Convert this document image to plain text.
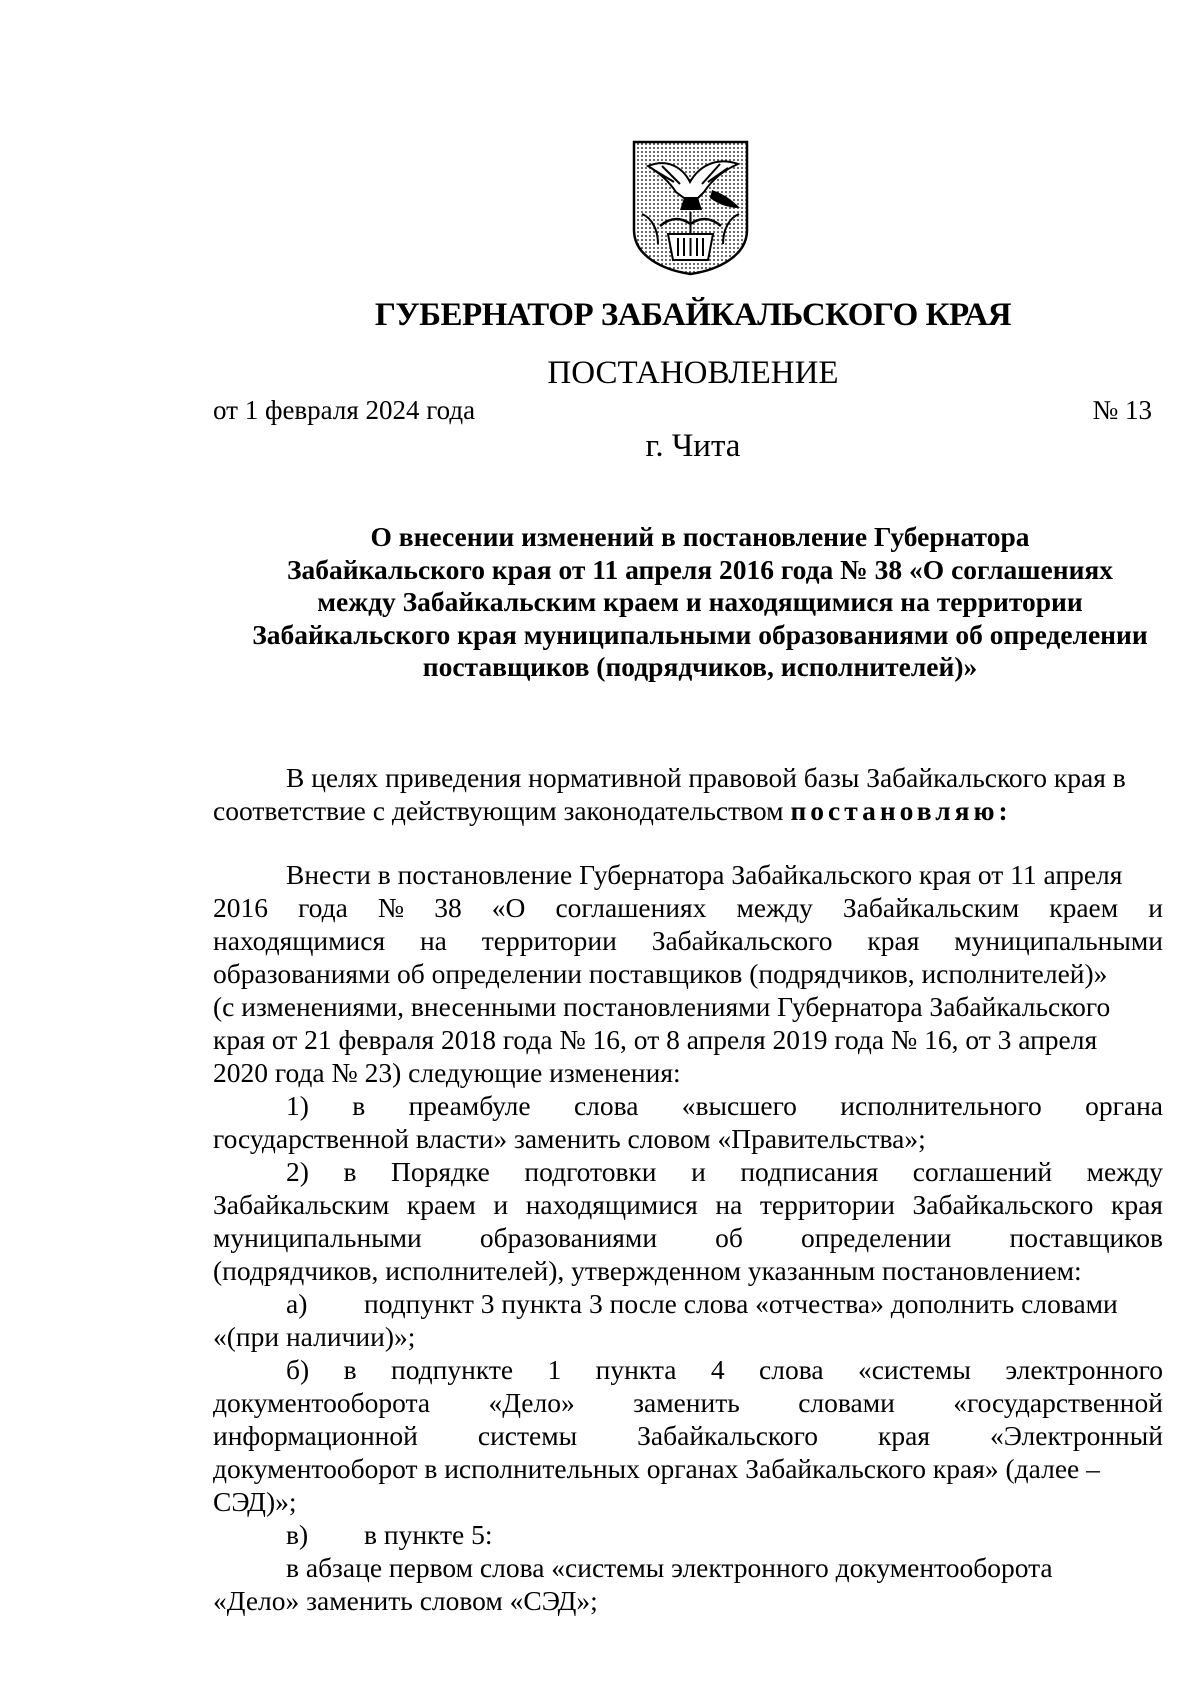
ГУБЕРНАТОР ЗАБАЙКАЛЬСКОГО КРАЯ
ПОСТАНОВЛЕНИЕ
от 1 февраля 2024 года	№ 13
г. Чита
О внесении изменений в постановление Губернатора
Забайкальского края от 11 апреля 2016 года № 38 «О соглашениях
между Забайкальским краем и находящимися на территории
Забайкальского края муниципальными образованиями об определении
поставщиков (подрядчиков, исполнителей)»
В целях приведения нормативной правовой базы Забайкальского края в
соответствие с действующим законодательством постановляю:
Внести в постановление Губернатора Забайкальского края от 11 апреля
2016 года № 38 «О соглашениях между Забайкальским краем и
находящимися на территории Забайкальского края муниципальными
образованиями об определении поставщиков (подрядчиков, исполнителей)»
(с изменениями, внесенными постановлениями Губернатора Забайкальского
края от 21 февраля 2018 года № 16, от 8 апреля 2019 года № 16, от 3 апреля
2020 года № 23) следующие изменения:
1) в преамбуле слова «высшего исполнительного органа
государственной власти» заменить словом «Правительства»;
2) в Порядке подготовки и подписания соглашений между
Забайкальским краем и находящимися на территории Забайкальского края
муниципальными образованиями об определении поставщиков
(подрядчиков, исполнителей), утвержденном указанным постановлением:
а) подпункт 3 пункта 3 после слова «отчества» дополнить словами
«(при наличии)»;
б) в подпункте 1 пункта 4 слова «системы электронного
документооборота «Дело» заменить словами «государственной
информационной системы Забайкальского края «Электронный
документооборот в исполнительных органах Забайкальского края» (далее –
СЭД)»;
в) в пункте 5:
в абзаце первом слова «системы электронного документооборота
«Дело» заменить словом «СЭД»;
